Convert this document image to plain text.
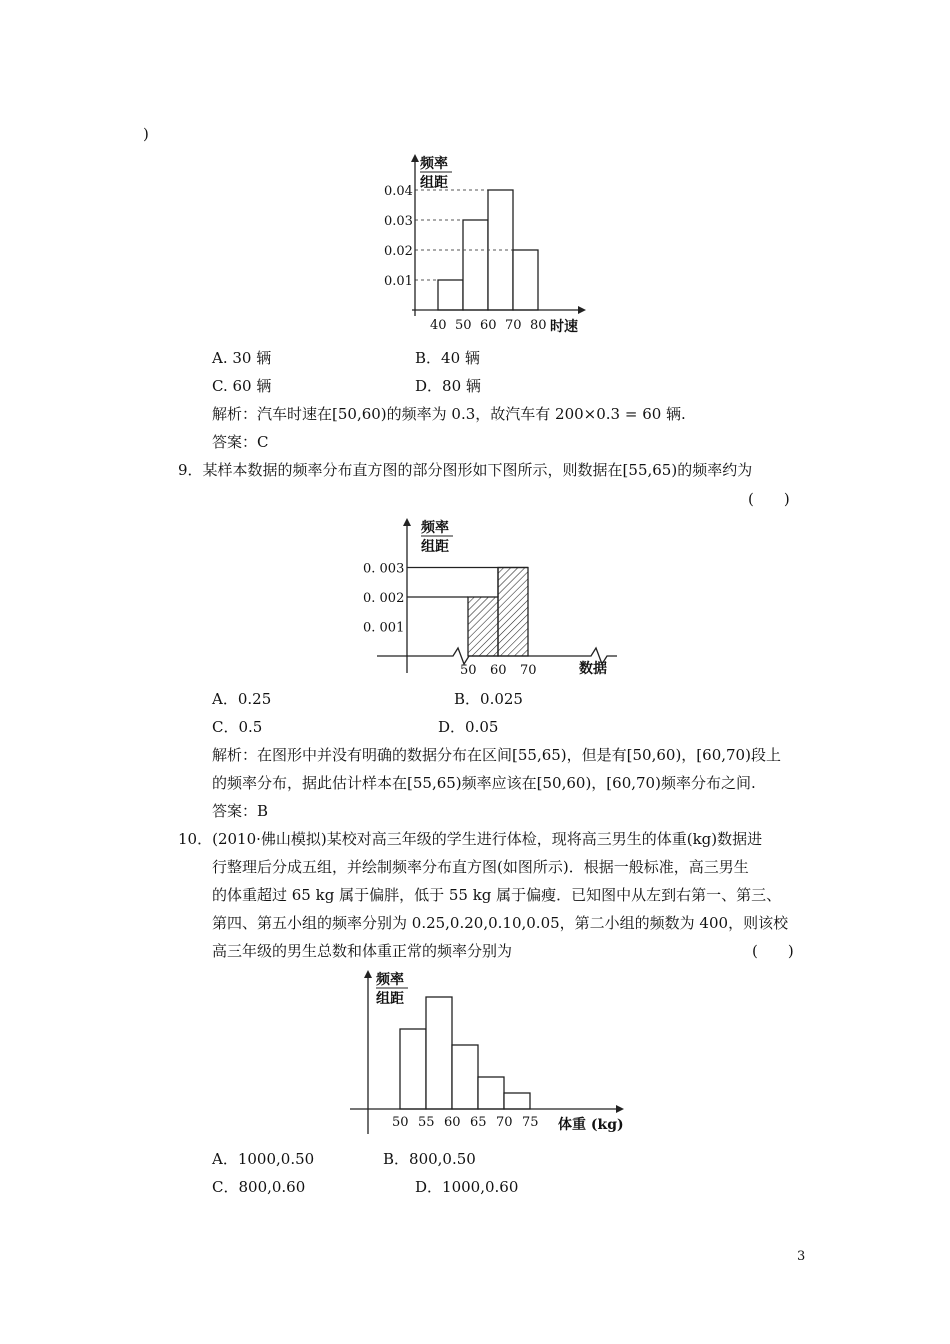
)
0.01
0.02
0.03
0.04
40 50 60 70 80
频率
组距
时速
A. 30 辆	B．40 辆
C. 60 辆	D．80 辆
解析：汽车时速在[50,60)的频率为 0.3，故汽车有 200×0.3 = 60 辆.
答案：C
9．某样本数据的频率分布直方图的部分图形如下图所示，则数据在[55,65)的频率约为
(　　)
0. 001
0. 002
0. 003
50 60 70
频率
组距
数据
A．0.25	B．0.025
C．0.5	D．0.05
解析：在图形中并没有明确的数据分布在区间[55,65)，但是有[50,60)，[60,70)段上
的频率分布，据此估计样本在[55,65)频率应该在[50,60)，[60,70)频率分布之间.
答案：B
10．(2010·佛山模拟)某校对高三年级的学生进行体检，现将高三男生的体重(kg)数据进
行整理后分成五组，并绘制频率分布直方图(如图所示)．根据一般标准，高三男生
的体重超过 65 kg 属于偏胖，低于 55 kg 属于偏瘦．已知图中从左到右第一、第三、
第四、第五小组的频率分别为 0.25,0.20,0.10,0.05，第二小组的频数为 400，则该校
高三年级的男生总数和体重正常的频率分别为	(　　)
50 55 60 65 70 75
频率
组距
体重 (kg)
A．1000,0.50	B．800,0.50
C．800,0.60	D．1000,0.60
3
